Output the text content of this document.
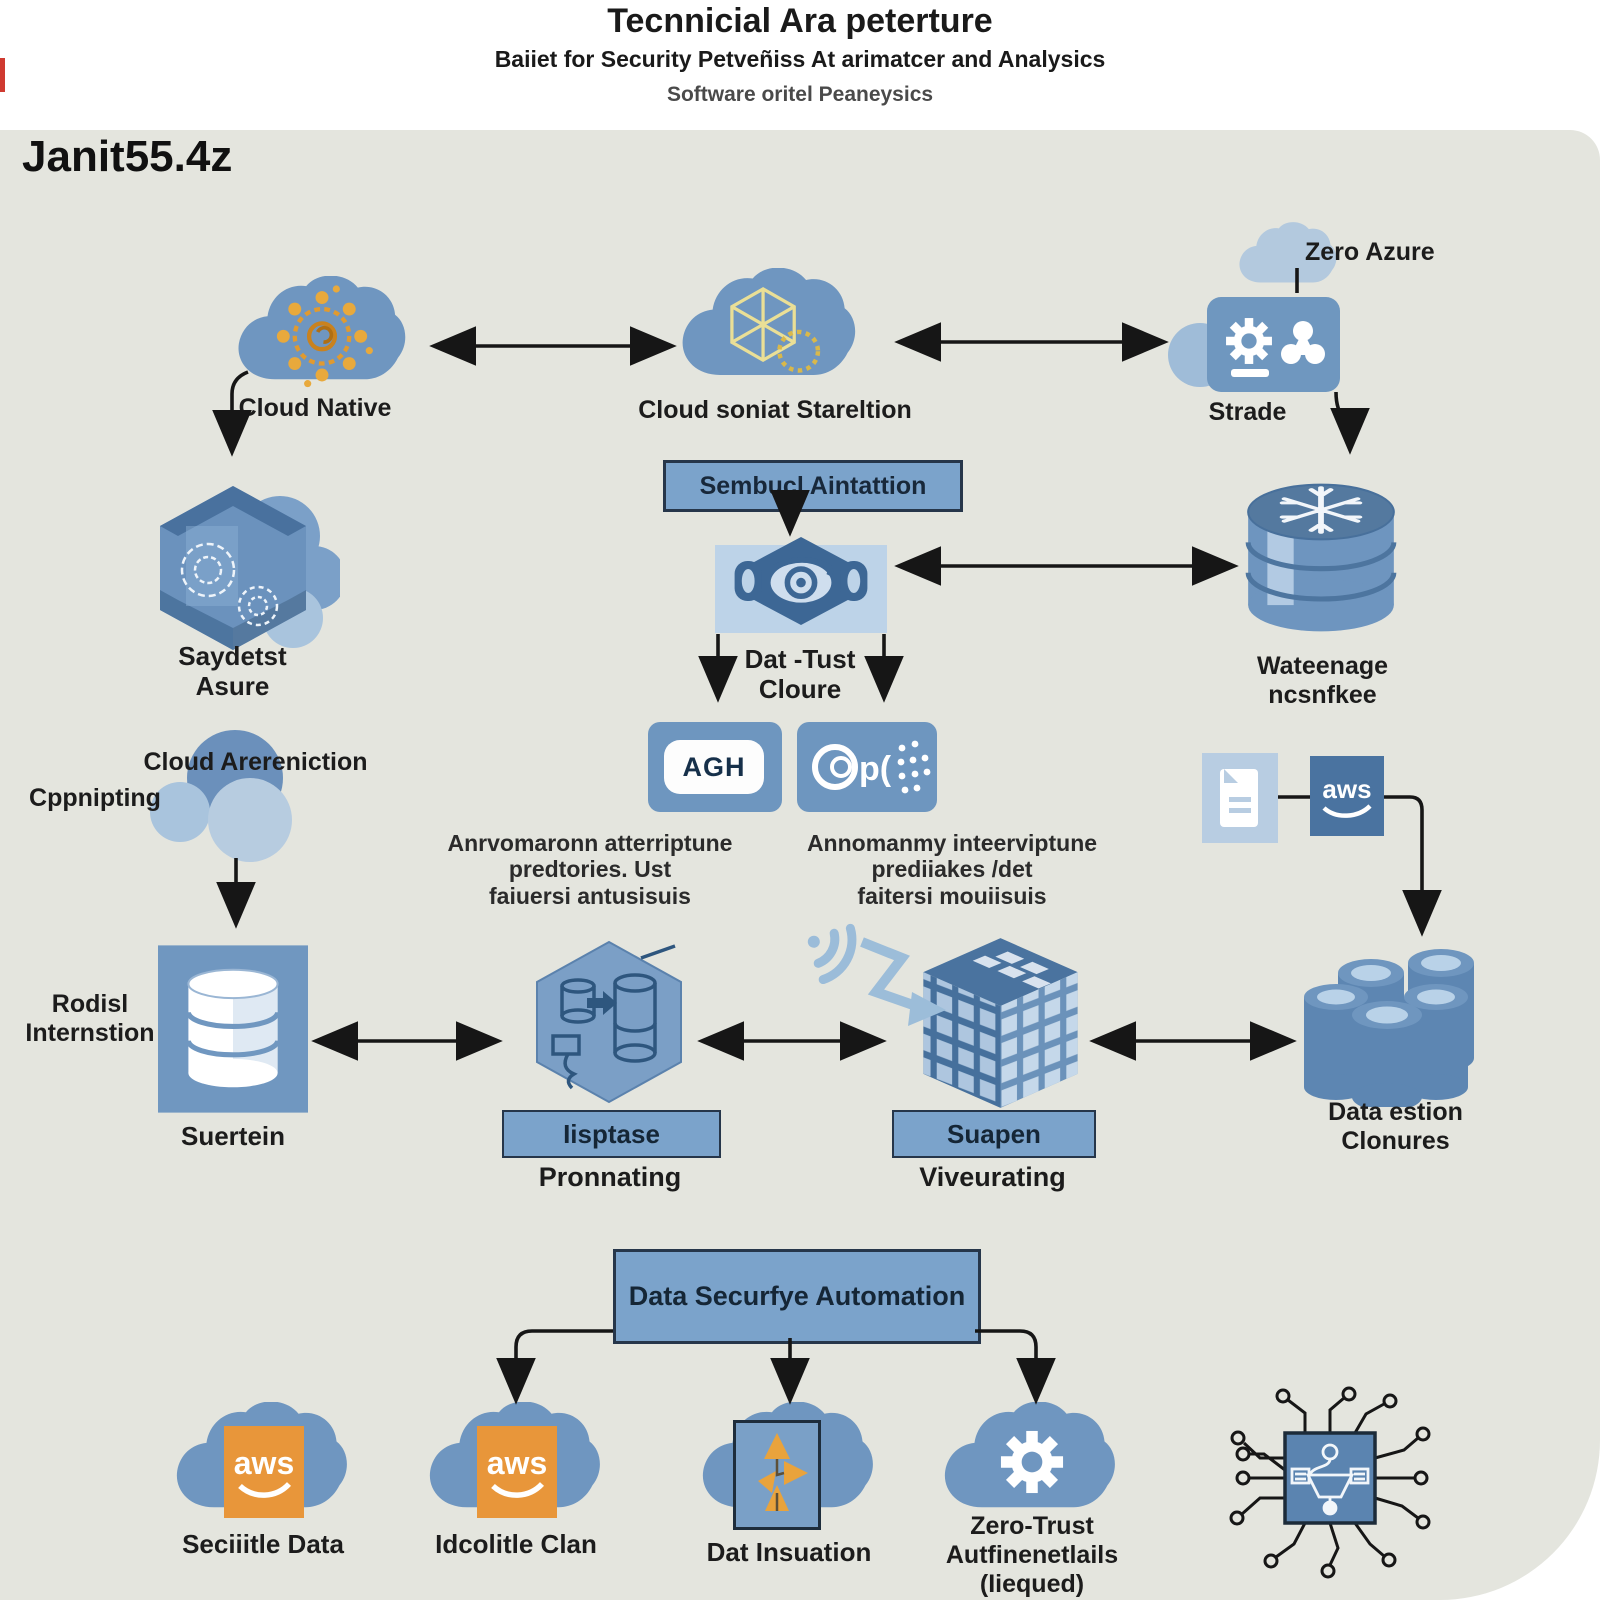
Tecnnicial Ara peterture
Baiiet for Security Petveñiss At arimatcer and Analysics
Software oritel Peaneysics
Janit55.4z
Cloud Native	Cloud soniat Stareltion	Strade
Zero Azure
Saydetst
Asure
Sembucl Aintattion
Dat -Tust
Cloure
AGH	p(
Wateenage
ncsnfkee
Cloud Arereniction
Cppnipting	aws
Anrvomaronn atterriptune
predtories. Ust
faiuersi antusisuis
Annomanmy inteerviptune
prediiakes /det
faitersi mouiisuis
Rodisl
Internstion
Suertein	Iisptase
Pronnating
Suapen
Viveurating
Data estion
Clonures
Data Securfye Automation
aws
Seciiitle Data
aws
Idcolitle Clan	Dat Insuation
Zero-Trust
Autfinenetlails
(Iiequed)
